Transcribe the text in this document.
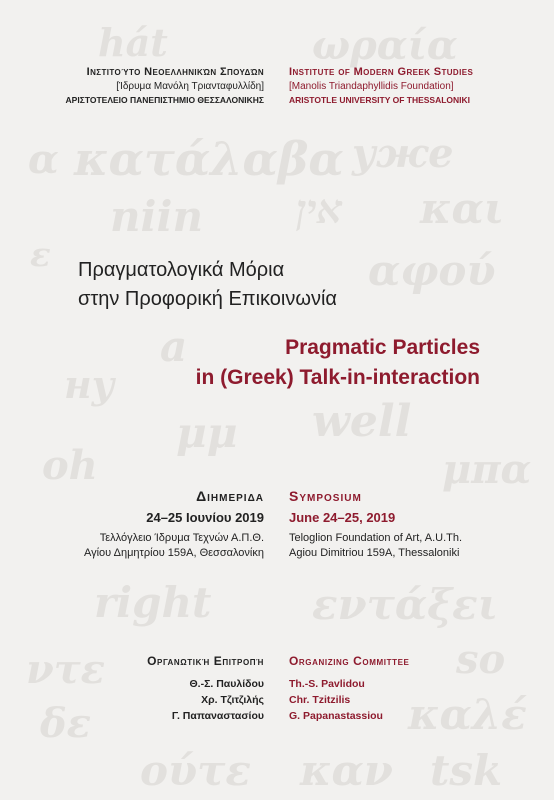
hát	ωραία
α κατάλαβα уже
niin אין και
ε	αφού
a
ну
μμ well
oh	μπα
right εντάξει
ντε	so
δε	καλέ
ούτε καν tsk
Ινστιτούτο Νεοελληνικών Σπουδών
[Ίδρυμα Μανόλη Τριανταφυλλίδη]
ΑΡΙΣΤΟΤΕΛΕΙΟ ΠΑΝΕΠΙΣΤΗΜΙΟ ΘΕΣΣΑΛΟΝΙΚΗΣ
Institute of Modern Greek Studies
[Manolis Triandaphyllidis Foundation]
ARISTOTLE UNIVERSITY OF THESSALONIKI
Πραγματολογικά Μόρια
στην Προφορική Επικοινωνία
Pragmatic Particles
in (Greek) Talk-in-interaction
Διημεριδα
24–25 Ιουνίου 2019
Τελλόγλειο Ίδρυμα Τεχνών Α.Π.Θ.
Αγίου Δημητρίου 159Α, Θεσσαλονίκη
Symposium
June 24–25, 2019
Teloglion Foundation of Art, A.U.Th.
Agiou Dimitriou 159A, Thessaloniki
Οργανωτική Επιτροπή
Θ.-Σ. Παυλίδου
Χρ. Τζιτζιλής
Γ. Παπαναστασίου
Organizing Committee
Th.-S. Pavlidou
Chr. Tzitzilis
G. Papanastassiou
